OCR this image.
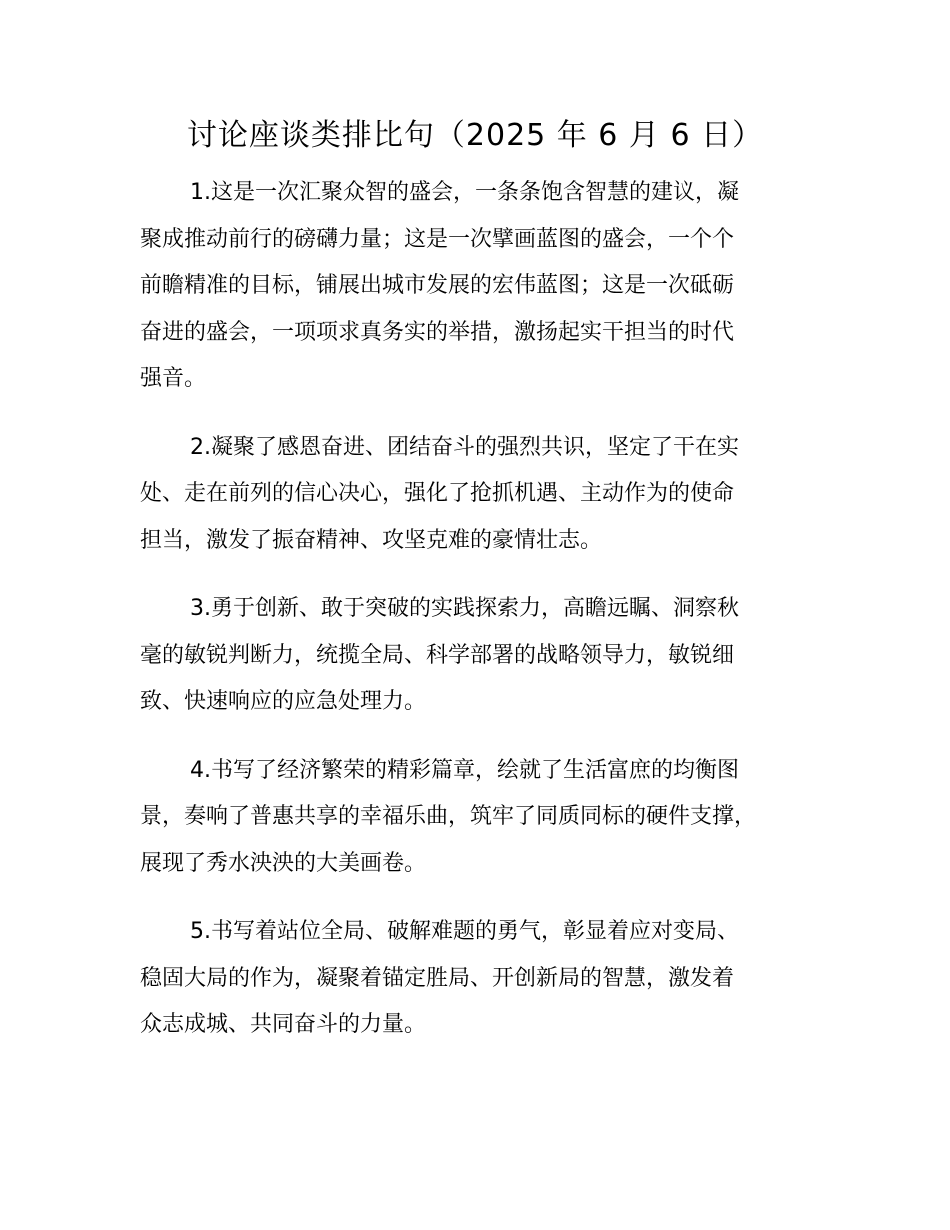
讨论座谈类排比句（2025 年 6 月 6 日）

1.这是一次汇聚众智的盛会，一条条饱含智慧的建议，凝
聚成推动前行的磅礴力量；这是一次擘画蓝图的盛会，一个个
前瞻精准的目标，铺展出城市发展的宏伟蓝图；这是一次砥砺
奋进的盛会，一项项求真务实的举措，激扬起实干担当的时代
强音。

2.凝聚了感恩奋进、团结奋斗的强烈共识，坚定了干在实
处、走在前列的信心决心，强化了抢抓机遇、主动作为的使命
担当，激发了振奋精神、攻坚克难的豪情壮志。

3.勇于创新、敢于突破的实践探索力，高瞻远瞩、洞察秋
毫的敏锐判断力，统揽全局、科学部署的战略领导力，敏锐细
致、快速响应的应急处理力。

4.书写了经济繁荣的精彩篇章，绘就了生活富庶的均衡图
景，奏响了普惠共享的幸福乐曲，筑牢了同质同标的硬件支撑，
展现了秀水泱泱的大美画卷。

5.书写着站位全局、破解难题的勇气，彰显着应对变局、
稳固大局的作为，凝聚着锚定胜局、开创新局的智慧，激发着
众志成城、共同奋斗的力量。
